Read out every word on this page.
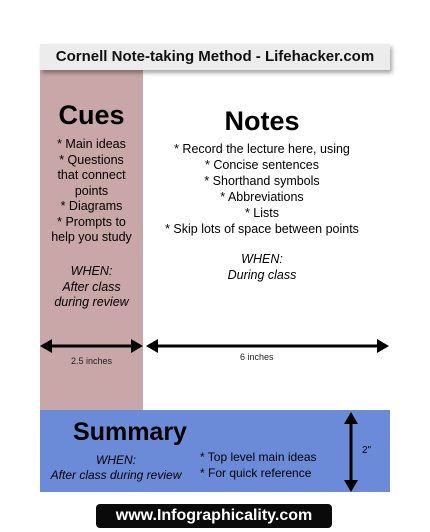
Cornell Note-taking Method - Lifehacker.com
Cues
* Main ideas
* Questions
that connect
points
* Diagrams
* Prompts to
help you study
WHEN:
After class
during review
Notes
* Record the lecture here, using
* Concise sentences
* Shorthand symbols
* Abbreviations
* Lists
* Skip lots of space between points
WHEN:
During class
2.5 inches	6 inches
Summary
WHEN:
After class during review
* Top level main ideas
* For quick reference
2"
www.Infographicality.com
